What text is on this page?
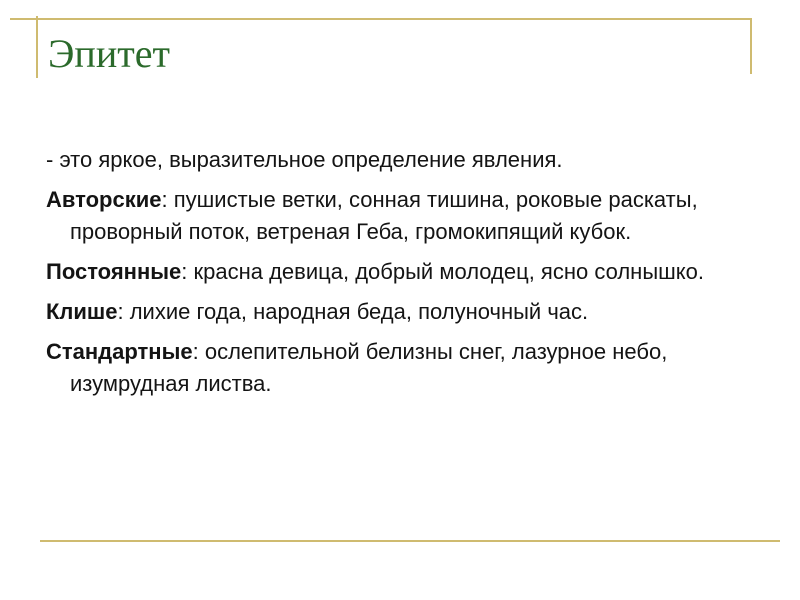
Эпитет

- это яркое, выразительное определение явления.

Авторские: пушистые ветки, сонная тишина, роковые раскаты, проворный поток, ветреная Геба, громокипящий кубок.

Постоянные: красна девица, добрый молодец, ясно солнышко.

Клише: лихие года, народная беда, полуночный час.

Стандартные: ослепительной белизны снег, лазурное небо, изумрудная листва.
